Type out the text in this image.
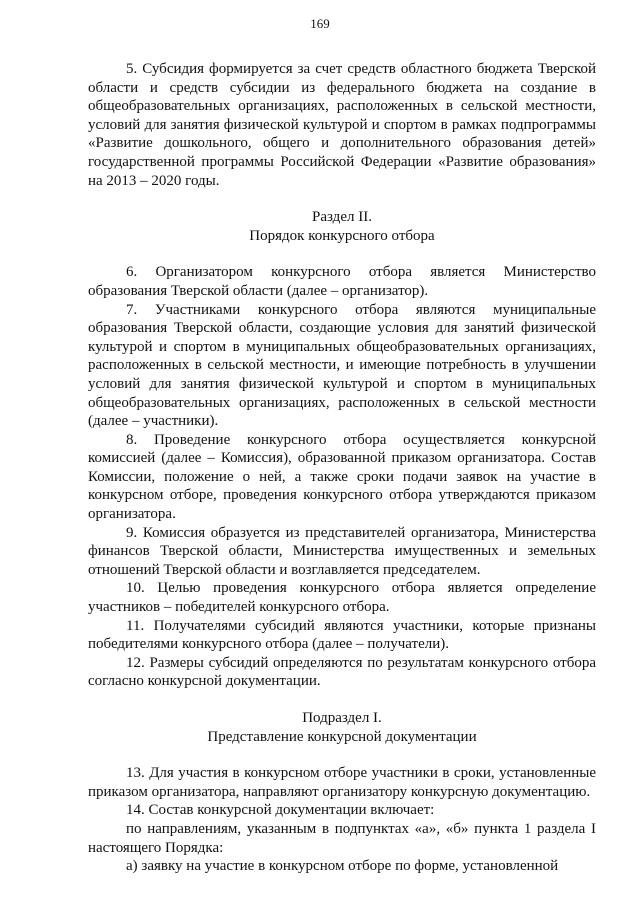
169

5. Субсидия формируется за счет средств областного бюджета Тверской области и средств субсидии из федерального бюджета на создание в общеобразовательных организациях, расположенных в сельской местности, условий для занятия физической культурой и спортом в рамках подпрограммы «Развитие дошкольного, общего и дополнительного образования детей» государственной программы Российской Федерации «Развитие образования» на 2013 – 2020 годы.

Раздел II.

Порядок конкурсного отбора

6. Организатором конкурсного отбора является Министерство образования Тверской области (далее – организатор).

7. Участниками конкурсного отбора являются муниципальные образования Тверской области, создающие условия для занятий физической культурой и спортом в муниципальных общеобразовательных организациях, расположенных в сельской местности, и имеющие потребность в улучшении условий для занятия физической культурой и спортом в муниципальных общеобразовательных организациях, расположенных в сельской местности (далее – участники).

8. Проведение конкурсного отбора осуществляется конкурсной комиссией (далее – Комиссия), образованной приказом организатора. Состав Комиссии, положение о ней, а также сроки подачи заявок на участие в конкурсном отборе, проведения конкурсного отбора утверждаются приказом организатора.

9. Комиссия образуется из представителей организатора, Министерства финансов Тверской области, Министерства имущественных и земельных отношений Тверской области и возглавляется председателем.

10. Целью проведения конкурсного отбора является определение участников – победителей конкурсного отбора.

11. Получателями субсидий являются участники, которые признаны победителями конкурсного отбора (далее – получатели).

12. Размеры субсидий определяются по результатам конкурсного отбора согласно конкурсной документации.

Подраздел I.

Представление конкурсной документации

13. Для участия в конкурсном отборе участники в сроки, установленные приказом организатора, направляют организатору конкурсную документацию.

14. Состав конкурсной документации включает:

по направлениям, указанным в подпунктах «а», «б» пункта 1 раздела I настоящего Порядка:

а) заявку на участие в конкурсном отборе по форме, установленной
